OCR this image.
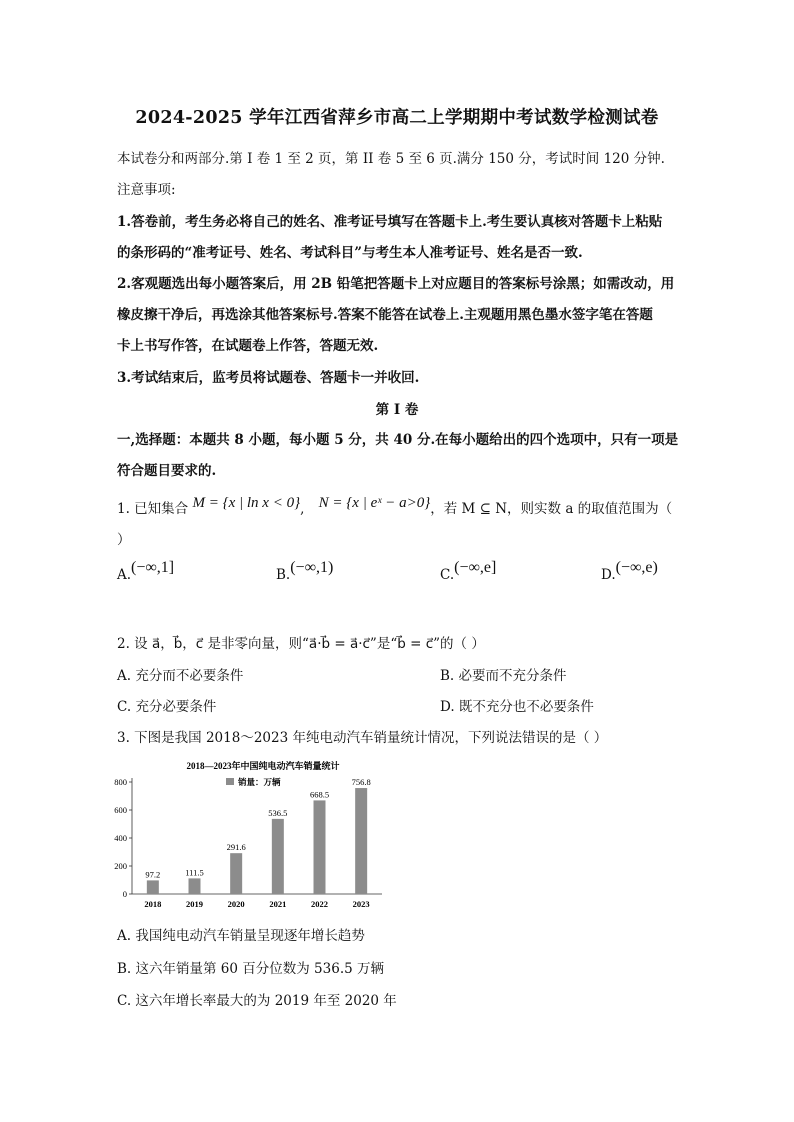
2024-2025 学年江西省萍乡市高二上学期期中考试数学检测试卷
本试卷分和两部分.第 I 卷 1 至 2 页，第 II 卷 5 至 6 页.满分 150 分，考试时间 120 分钟.
注意事项:
1.答卷前，考生务必将自己的姓名、准考证号填写在答题卡上.考生要认真核对答题卡上粘贴
的条形码的“准考证号、姓名、考试科目”与考生本人准考证号、姓名是否一致.
2.客观题选出每小题答案后，用 2B 铅笔把答题卡上对应题目的答案标号涂黑；如需改动，用
橡皮擦干净后，再选涂其他答案标号.答案不能答在试卷上.主观题用黑色墨水签字笔在答题
卡上书写作答，在试题卷上作答，答题无效.
3.考试结束后，监考员将试题卷、答题卡一并收回.
第 I 卷
一,选择题：本题共 8 小题，每小题 5 分，共 40 分.在每小题给出的四个选项中，只有一项是
符合题目要求的.
1. 已知集合 M = {x | ln x < 0}, N = {x | eˣ − a>0}，若 M ⊆ N，则实数 a 的取值范围为（
）
A.(−∞,1]	B.(−∞,1)	C.(−∞,e]	D.(−∞,e)
2. 设 a⃗，b⃗，c⃗ 是非零向量，则“a⃗·b⃗ = a⃗·c⃗”是“b⃗ = c⃗”的（ ）
A. 充分而不必要条件	B. 必要而不充分条件
C. 充分必要条件	D. 既不充分也不必要条件
3. 下图是我国 2018～2023 年纯电动汽车销量统计情况，下列说法错误的是（ ）
2018—2023年中国纯电动汽车销量统计
销量：万辆
0
200
400
600
800
97.2
2018
111.5
2019
291.6
2020
536.5
2021
668.5
2022
756.8
2023
A. 我国纯电动汽车销量呈现逐年增长趋势
B. 这六年销量第 60 百分位数为 536.5 万辆
C. 这六年增长率最大的为 2019 年至 2020 年
